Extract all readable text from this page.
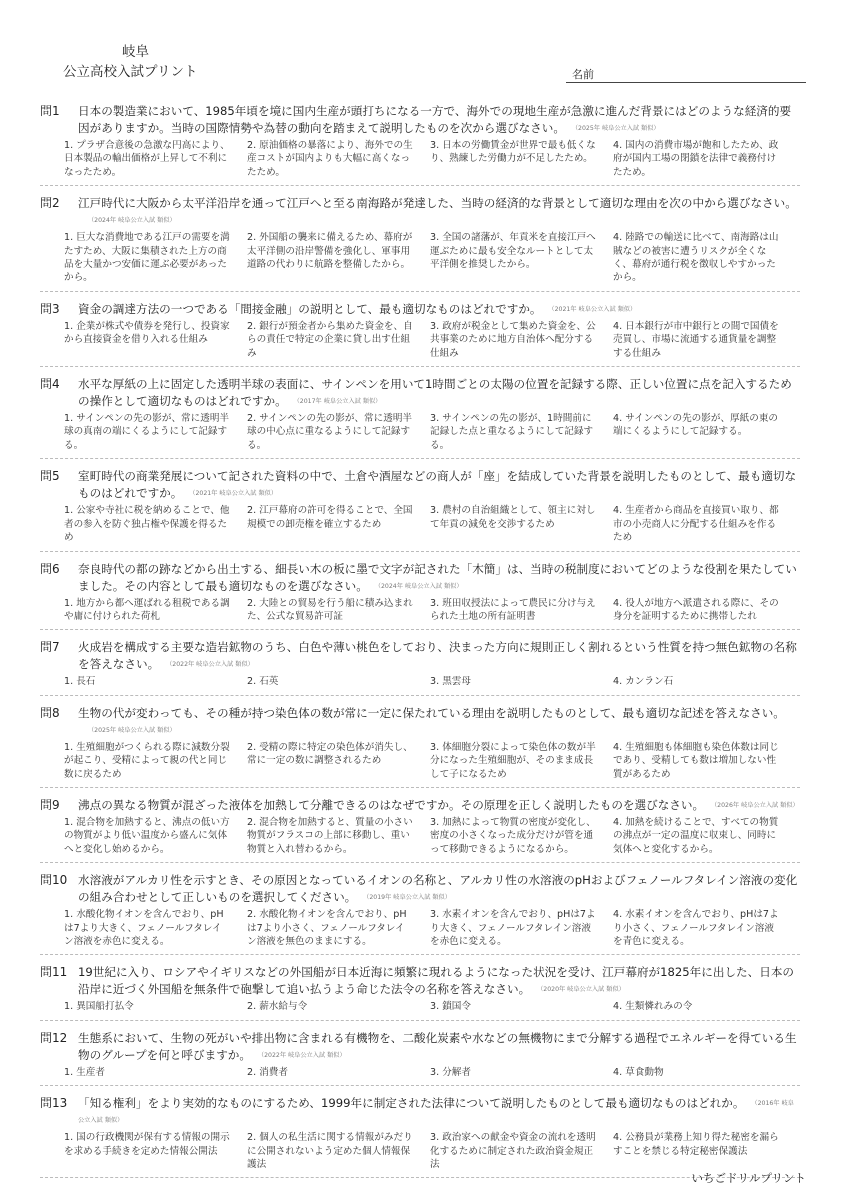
岐阜
公立高校入試プリント	名前
問1	日本の製造業において、1985年頃を境に国内生産が頭打ちになる一方で、海外での現地生産が急激に進んだ背景にはどのような経済的要因がありますか。当時の国際情勢や為替の動向を踏まえて説明したものを次から選びなさい。 （2025年 岐阜公立入試 類似）
1. プラザ合意後の急激な円高により、日本製品の輸出価格が上昇して不利になったため。
2. 原油価格の暴落により、海外での生産コストが国内よりも大幅に高くなったため。
3. 日本の労働賃金が世界で最も低くなり、熟練した労働力が不足したため。
4. 国内の消費市場が飽和したため、政府が国内工場の閉鎖を法律で義務付けたため。
問2	江戸時代に大阪から太平洋沿岸を通って江戸へと至る南海路が発達した、当時の経済的な背景として適切な理由を次の中から選びなさい。（2024年 岐阜公立入試 類似）
1. 巨大な消費地である江戸の需要を満たすため、大阪に集積された上方の商品を大量かつ安価に運ぶ必要があったから。
2. 外国船の襲来に備えるため、幕府が太平洋側の沿岸警備を強化し、軍事用道路の代わりに航路を整備したから。
3. 全国の諸藩が、年貢米を直接江戸へ運ぶために最も安全なルートとして太平洋側を推奨したから。
4. 陸路での輸送に比べて、南海路は山賊などの被害に遭うリスクが全くなく、幕府が通行税を徴収しやすかったから。
問3	資金の調達方法の一つである「間接金融」の説明として、最も適切なものはどれですか。 （2021年 岐阜公立入試 類似）
1. 企業が株式や債券を発行し、投資家から直接資金を借り入れる仕組み
2. 銀行が預金者から集めた資金を、自らの責任で特定の企業に貸し出す仕組み
3. 政府が税金として集めた資金を、公共事業のために地方自治体へ配分する仕組み
4. 日本銀行が市中銀行との間で国債を売買し、市場に流通する通貨量を調整する仕組み
問4	水平な厚紙の上に固定した透明半球の表面に、サインペンを用いて1時間ごとの太陽の位置を記録する際、正しい位置に点を記入するための操作として適切なものはどれですか。 （2017年 岐阜公立入試 類似）
1. サインペンの先の影が、常に透明半球の真南の端にくるようにして記録する。
2. サインペンの先の影が、常に透明半球の中心点に重なるようにして記録する。
3. サインペンの先の影が、1時間前に記録した点と重なるようにして記録する。
4. サインペンの先の影が、厚紙の東の端にくるようにして記録する。
問5	室町時代の商業発展について記された資料の中で、土倉や酒屋などの商人が「座」を結成していた背景を説明したものとして、最も適切なものはどれですか。 （2021年 岐阜公立入試 類似）
1. 公家や寺社に税を納めることで、他者の参入を防ぐ独占権や保護を得るため
2. 江戸幕府の許可を得ることで、全国規模での卸売権を確立するため
3. 農村の自治組織として、領主に対して年貢の減免を交渉するため
4. 生産者から商品を直接買い取り、都市の小売商人に分配する仕組みを作るため
問6	奈良時代の都の跡などから出土する、細長い木の板に墨で文字が記された「木簡」は、当時の税制度においてどのような役割を果たしていました。その内容として最も適切なものを選びなさい。 （2024年 岐阜公立入試 類似）
1. 地方から都へ運ばれる租税である調や庸に付けられた荷札
2. 大陸との貿易を行う船に積み込まれた、公式な貿易許可証
3. 班田収授法によって農民に分け与えられた土地の所有証明書
4. 役人が地方へ派遣される際に、その身分を証明するために携帯したれ
問7	火成岩を構成する主要な造岩鉱物のうち、白色や薄い桃色をしており、決まった方向に規則正しく割れるという性質を持つ無色鉱物の名称を答えなさい。 （2022年 岐阜公立入試 類似）
1. 長石	2. 石英	3. 黒雲母	4. カンラン石
問8	生物の代が変わっても、その種が持つ染色体の数が常に一定に保たれている理由を説明したものとして、最も適切な記述を答えなさい。（2025年 岐阜公立入試 類似）
1. 生殖細胞がつくられる際に減数分裂が起こり、受精によって親の代と同じ数に戻るため
2. 受精の際に特定の染色体が消失し、常に一定の数に調整されるため
3. 体細胞分裂によって染色体の数が半分になった生殖細胞が、そのまま成長して子になるため
4. 生殖細胞も体細胞も染色体数は同じであり、受精しても数は増加しない性質があるため
問9	沸点の異なる物質が混ざった液体を加熱して分離できるのはなぜですか。その原理を正しく説明したものを選びなさい。 （2026年 岐阜公立入試 類似）
1. 混合物を加熱すると、沸点の低い方の物質がより低い温度から盛んに気体へと変化し始めるから。
2. 混合物を加熱すると、質量の小さい物質がフラスコの上部に移動し、重い物質と入れ替わるから。
3. 加熱によって物質の密度が変化し、密度の小さくなった成分だけが管を通って移動できるようになるから。
4. 加熱を続けることで、すべての物質の沸点が一定の温度に収束し、同時に気体へと変化するから。
問10 水溶液がアルカリ性を示すとき、その原因となっているイオンの名称と、アルカリ性の水溶液のpHおよびフェノールフタレイン溶液の変化の組み合わせとして正しいものを選択してください。 （2019年 岐阜公立入試 類似）
1. 水酸化物イオンを含んでおり、pHは7より大きく、フェノールフタレイン溶液を赤色に変える。
2. 水酸化物イオンを含んでおり、pHは7より小さく、フェノールフタレイン溶液を無色のままにする。
3. 水素イオンを含んでおり、pHは7より大きく、フェノールフタレイン溶液を赤色に変える。
4. 水素イオンを含んでおり、pHは7より小さく、フェノールフタレイン溶液を青色に変える。
問11 19世紀に入り、ロシアやイギリスなどの外国船が日本近海に頻繁に現れるようになった状況を受け、江戸幕府が1825年に出した、日本の沿岸に近づく外国船を無条件で砲撃して追い払うよう命じた法令の名称を答えなさい。 （2020年 岐阜公立入試 類似）
1. 異国船打払令	2. 薪水給与令	3. 鎖国令	4. 生類憐れみの令
問12 生態系において、生物の死がいや排出物に含まれる有機物を、二酸化炭素や水などの無機物にまで分解する過程でエネルギーを得ている生物のグループを何と呼びますか。 （2022年 岐阜公立入試 類似）
1. 生産者	2. 消費者	3. 分解者	4. 草食動物
問13 「知る権利」をより実効的なものにするため、1999年に制定された法律について説明したものとして最も適切なものはどれか。 （2016年 岐阜公立入試 類似）
1. 国の行政機関が保有する情報の開示を求める手続きを定めた情報公開法
2. 個人の私生活に関する情報がみだりに公開されないよう定めた個人情報保護法
3. 政治家への献金や資金の流れを透明化するために制定された政治資金規正法
4. 公務員が業務上知り得た秘密を漏らすことを禁じる特定秘密保護法
いちごドリルプリント
